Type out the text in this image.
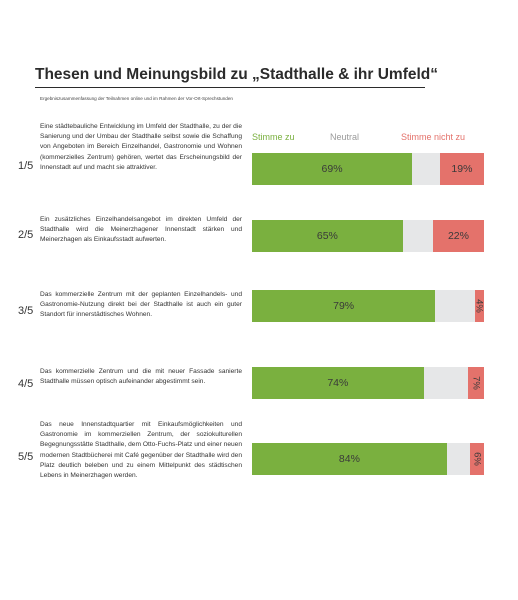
Thesen und Meinungsbild zu „Stadthalle & ihr Umfeld“
Ergebniszusammenfassung der Teilnahmen online und im Rahmen der Vor-Ort-Sprechstunden
Stimme zu	Neutral	Stimme nicht zu
Eine städtebauliche Entwicklung im Umfeld der Stadthalle, zu der die Sanierung und der Umbau der Stadthalle selbst sowie die Schaffung von Angeboten im Bereich Einzelhandel, Gastronomie und Wohnen (kommerzielles Zentrum) gehören, wertet das Erscheinungsbild der Innenstadt auf und macht sie attraktiver.
1/5	69%	19%
Ein zusätzliches Einzelhandelsangebot im direkten Umfeld der Stadthalle wird die Meinerzhagener Innenstadt stärken und Meinerzhagen als Einkaufsstadt aufwerten.
2/5	65%	22%
Das kommerzielle Zentrum mit der geplanten Einzelhandels- und Gastronomie-Nutzung direkt bei der Stadthalle ist auch ein guter Standort für innerstädtisches Wohnen.
3/5	79%	4%
Das kommerzielle Zentrum und die mit neuer Fassade sanierte Stadthalle müssen optisch aufeinander abgestimmt sein.
4/5	74%	7%
Das neue Innenstadtquartier mit Einkaufsmöglichkeiten und Gastronomie im kommerziellen Zentrum, der soziokulturellen Begegnungsstätte Stadthalle, dem Otto-Fuchs-Platz und einer neuen modernen Stadtbücherei mit Café gegenüber der Stadthalle wird den Platz deutlich beleben und zu einem Mittelpunkt des städtischen Lebens in Meinerzhagen werden.
5/5	84%	6%
